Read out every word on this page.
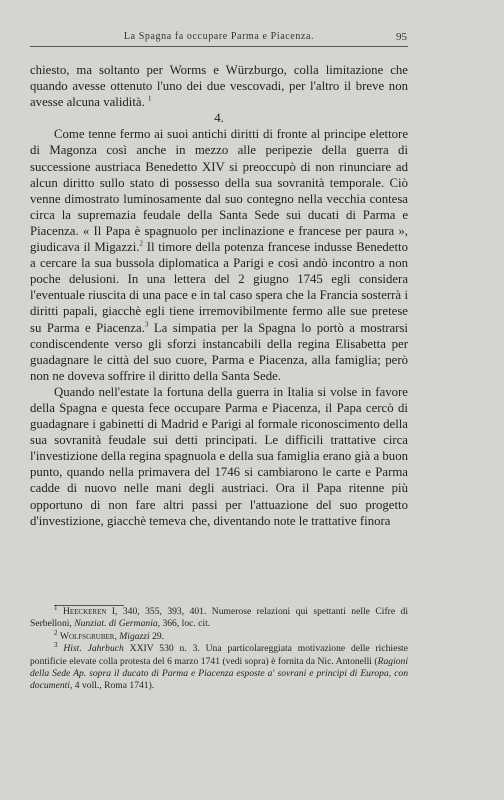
La Spagna fa occupare Parma e Piacenza.	95

chiesto, ma soltanto per Worms e Würzburgo, colla limitazione che quando avesse ottenuto l'uno dei due vescovadi, per l'altro il breve non avesse alcuna validità. $^1$

4.

Come tenne fermo ai suoi antichi diritti di fronte al principe elettore di Magonza così anche in mezzo alle peripezie della guerra di successione austriaca Benedetto XIV si preoccupò di non rinunciare ad alcun diritto sullo stato di possesso della sua sovranità temporale. Ciò venne dimostrato luminosamente dal suo contegno nella vecchia contesa circa la supremazia feudale della Santa Sede sui ducati di Parma e Piacenza. « Il Papa è spagnuolo per inclinazione e francese per paura », giudicava il Migazzi.$^2$ Il timore della potenza francese indusse Benedetto a cercare la sua bussola diplomatica a Parigi e così andò incontro a non poche delusioni. In una lettera del 2 giugno 1745 egli considera l'eventuale riuscita di una pace e in tal caso spera che la Francia sosterrà i diritti papali, giacchè egli tiene irremovibilmente fermo alle sue pretese su Parma e Piacenza.$^3$ La simpatia per la Spagna lo portò a mostrarsi condiscendente verso gli sforzi instancabili della regina Elisabetta per guadagnare le città del suo cuore, Parma e Piacenza, alla famiglia; però non ne doveva soffrire il diritto della Santa Sede.

Quando nell'estate la fortuna della guerra in Italia si volse in favore della Spagna e questa fece occupare Parma e Piacenza, il Papa cercò di guadagnare i gabinetti di Madrid e Parigi al formale riconoscimento della sua sovranità feudale sui detti principati. Le difficili trattative circa l'investizione della regina spagnuola e della sua famiglia erano già a buon punto, quando nella primavera del 1746 si cambiarono le carte e Parma cadde di nuovo nelle mani degli austriaci. Ora il Papa ritenne più opportuno di non fare altri passi per l'attuazione del suo progetto d'investizione, giacchè temeva che, diventando note le trattative finora

$^1$ Heeckeren I, 340, 355, 393, 401. Numerose relazioni qui spettanti nelle Cifre di Serbelloni, Nunziat. di Germania, 366, loc. cit.

$^2$ Wolfsgruber, Migazzi 29.

$^3$ Hist. Jahrbuch XXIV 530 n. 3. Una particolareggiata motivazione delle richieste pontificie elevate colla protesta del 6 marzo 1741 (vedi sopra) è fornita da Nic. Antonelli (Ragioni della Sede Ap. sopra il ducato di Parma e Piacenza esposte a' sovrani e principi di Europa, con documenti, 4 voll., Roma 1741).
